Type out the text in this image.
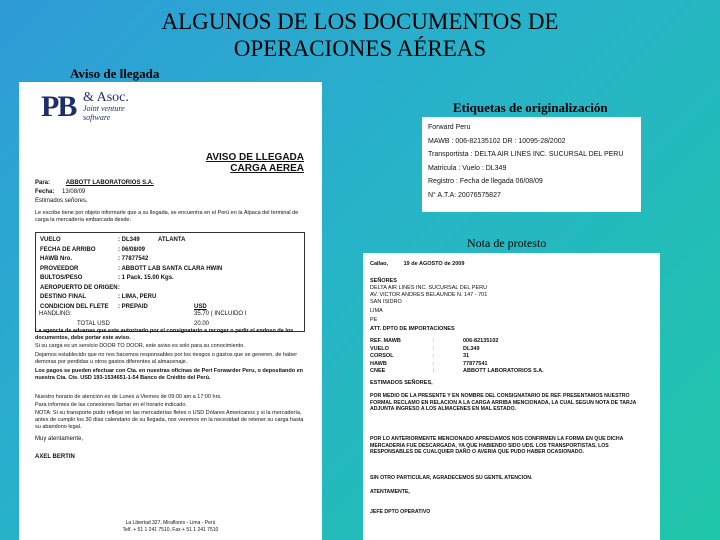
ALGUNOS DE LOS DOCUMENTOS DE
OPERACIONES AÉREAS
Aviso de llegada
Etiquetas de originalización
Nota de protesto
PB & Asoc.
Joint venture
software
AVISO DE LLEGADA
CARGA AEREA
Para:	ABBOTT LABORATORIOS S.A.
Fecha: 13/08/09
Estimados señores,
Le escribe tiene por objeto informarle que a su llegada, se encuentra en el Perú en la Alpaca del terminal de carga la mercadería embarcada desde:
VUELO	: DL349	ATLANTA
FECHA DE ARRIBO	: 06/08/09
HAWB Nro.	: 77877542
PROVEEDOR	: ABBOTT LAB SANTA CLARA HWIN
BULTOS/PESO	: 1 Pack. 15.00 Kgs.
AEROPUERTO DE ORIGEN :
DESTINO FINAL	: LIMA, PERU
CONDICION DEL FLETE : PREPAID	USD
HANDLING:	35.70 ( INCLUIDO I
TOTAL USD	20.00
La agencia de aduanas que este autorizado por el consignatario a recoger o pedir el endoso de los documentos, debe portar este aviso.
Si su carga es un servicio DOOR TO DOOR, este aviso es solo para su conocimiento.
Dejamos establecido que no nos hacemos responsables por los riesgos o gastos que se generen, de haber demoras por perdidas u otros gastos diferentes al almacenaje.
Los pagos se pueden efectuar con Cta. en nuestras oficinas de Pert Forwarder Peru, o depositando en nuestra Cta. Cte. USD 193-1534651-1-54 Banco de Crédito del Perú.
Nuestro horario de atención es de Lunes a Viernes de 09:00 am a 17:00 hrs.
Para informes de las conexiones llamar en el horario indicado.
NOTA: Si su transporte pudo reflejar en las mercaderías fletes o USD Dólares Americanos y si la mercadería, antes de cumplir los 30 días calendario de su llegada, nos veremos en la necesidad de retener su carga hasta su abandono legal.
Muy atentamente,
AXEL BERTIN
La Libertad 327, Miraflores - Lima - Perú
Telf. + 51 1 241 7510, Fax + 51 1 241 7510
Forward Peru
MAWB : 006-82135102 DR : 10095-28/2002
Transportista : DELTA AIR LINES INC. SUCURSAL DEL PERU
Matricula : Vuelo : DL349
Registro : Fecha de llegada 06/08/09
N° A.T.A: 20076575827
Callao,	19 de AGOSTO de 2009
SEÑORES
DELTA AIR LINES INC. SUCURSAL DEL PERU
AV. VICTOR ANDRES BELAUNDE N. 147 - 701
SAN ISIDRO
LIMA
PE
ATT. DPTO DE IMPORTACIONES
REF. MAWB	:	006-82135102
VUELO	:	DL349
CORSOL	:	31
HAWB	:	77877541
CNEE	:	ABBOTT LABORATORIOS S.A.
ESTIMADOS SEÑORES,
POR MEDIO DE LA PRESENTE Y EN NOMBRE DEL CONSIGNATARIO DE REF. PRESENTAMOS NUESTRO FORMAL RECLAMO EN RELACION A LA CARGA ARRIBA MENCIONADA, LA CUAL SEGUN NOTA DE TARJA ADJUNTA INGRESO A LOS ALMACENES EN MAL ESTADO.
POR LO ANTERIORMENTE MENCIONADO APRECIAMOS NOS CONFIRMEN LA FORMA EN QUE DICHA MERCADERIA FUE DESCARGADA, YA QUE HABIENDO SIDO UDS. LOS TRANSPORTISTAS, LOS RESPONSABLES DE CUALQUIER DAÑO O AVERIA QUE PUDO HABER OCASIONADO.
SIN OTRO PARTICULAR, AGRADECEMOS SU GENTIL ATENCION.
ATENTAMENTE,
JEFE DPTO OPERATIVO
